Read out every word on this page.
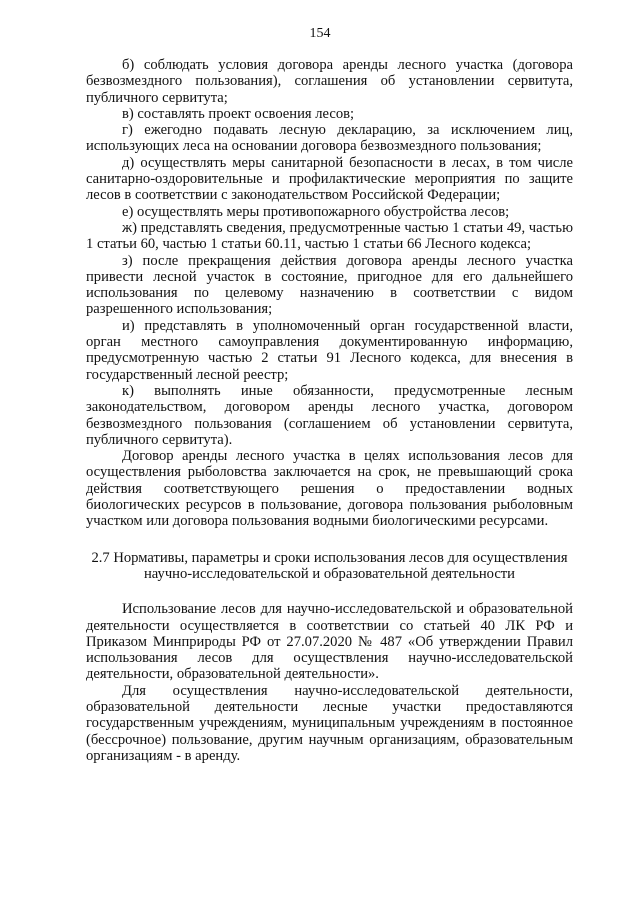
154

б) соблюдать условия договора аренды лесного участка (договора безвозмездного пользования), соглашения об установлении сервитута, публичного сервитута;

в) составлять проект освоения лесов;

г) ежегодно подавать лесную декларацию, за исключением лиц, использующих леса на основании договора безвозмездного пользования;

д) осуществлять меры санитарной безопасности в лесах, в том числе санитарно-оздоровительные и профилактические мероприятия по защите лесов в соответствии с законодательством Российской Федерации;

е) осуществлять меры противопожарного обустройства лесов;

ж) представлять сведения, предусмотренные частью 1 статьи 49, частью 1 статьи 60, частью 1 статьи 60.11, частью 1 статьи 66 Лесного кодекса;

з) после прекращения действия договора аренды лесного участка привести лесной участок в состояние, пригодное для его дальнейшего использования по целевому назначению в соответствии с видом разрешенного использования;

и) представлять в уполномоченный орган государственной власти, орган местного самоуправления документированную информацию, предусмотренную частью 2 статьи 91 Лесного кодекса, для внесения в государственный лесной реестр;

к) выполнять иные обязанности, предусмотренные лесным законодательством, договором аренды лесного участка, договором безвозмездного пользования (соглашением об установлении сервитута, публичного сервитута).

Договор аренды лесного участка в целях использования лесов для осуществления рыболовства заключается на срок, не превышающий срока действия соответствующего решения о предоставлении водных биологических ресурсов в пользование, договора пользования рыболовным участком или договора пользования водными биологическими ресурсами.

2.7 Нормативы, параметры и сроки использования лесов для осуществления научно-исследовательской и образовательной деятельности

Использование лесов для научно-исследовательской и образовательной деятельности осуществляется в соответствии со статьей 40 ЛК РФ и Приказом Минприроды РФ от 27.07.2020 № 487 «Об утверждении Правил использования лесов для осуществления научно-исследовательской деятельности, образовательной деятельности».

Для осуществления научно-исследовательской деятельности, образовательной деятельности лесные участки предоставляются государственным учреждениям, муниципальным учреждениям в постоянное (бессрочное) пользование, другим научным организациям, образовательным организациям - в аренду.
